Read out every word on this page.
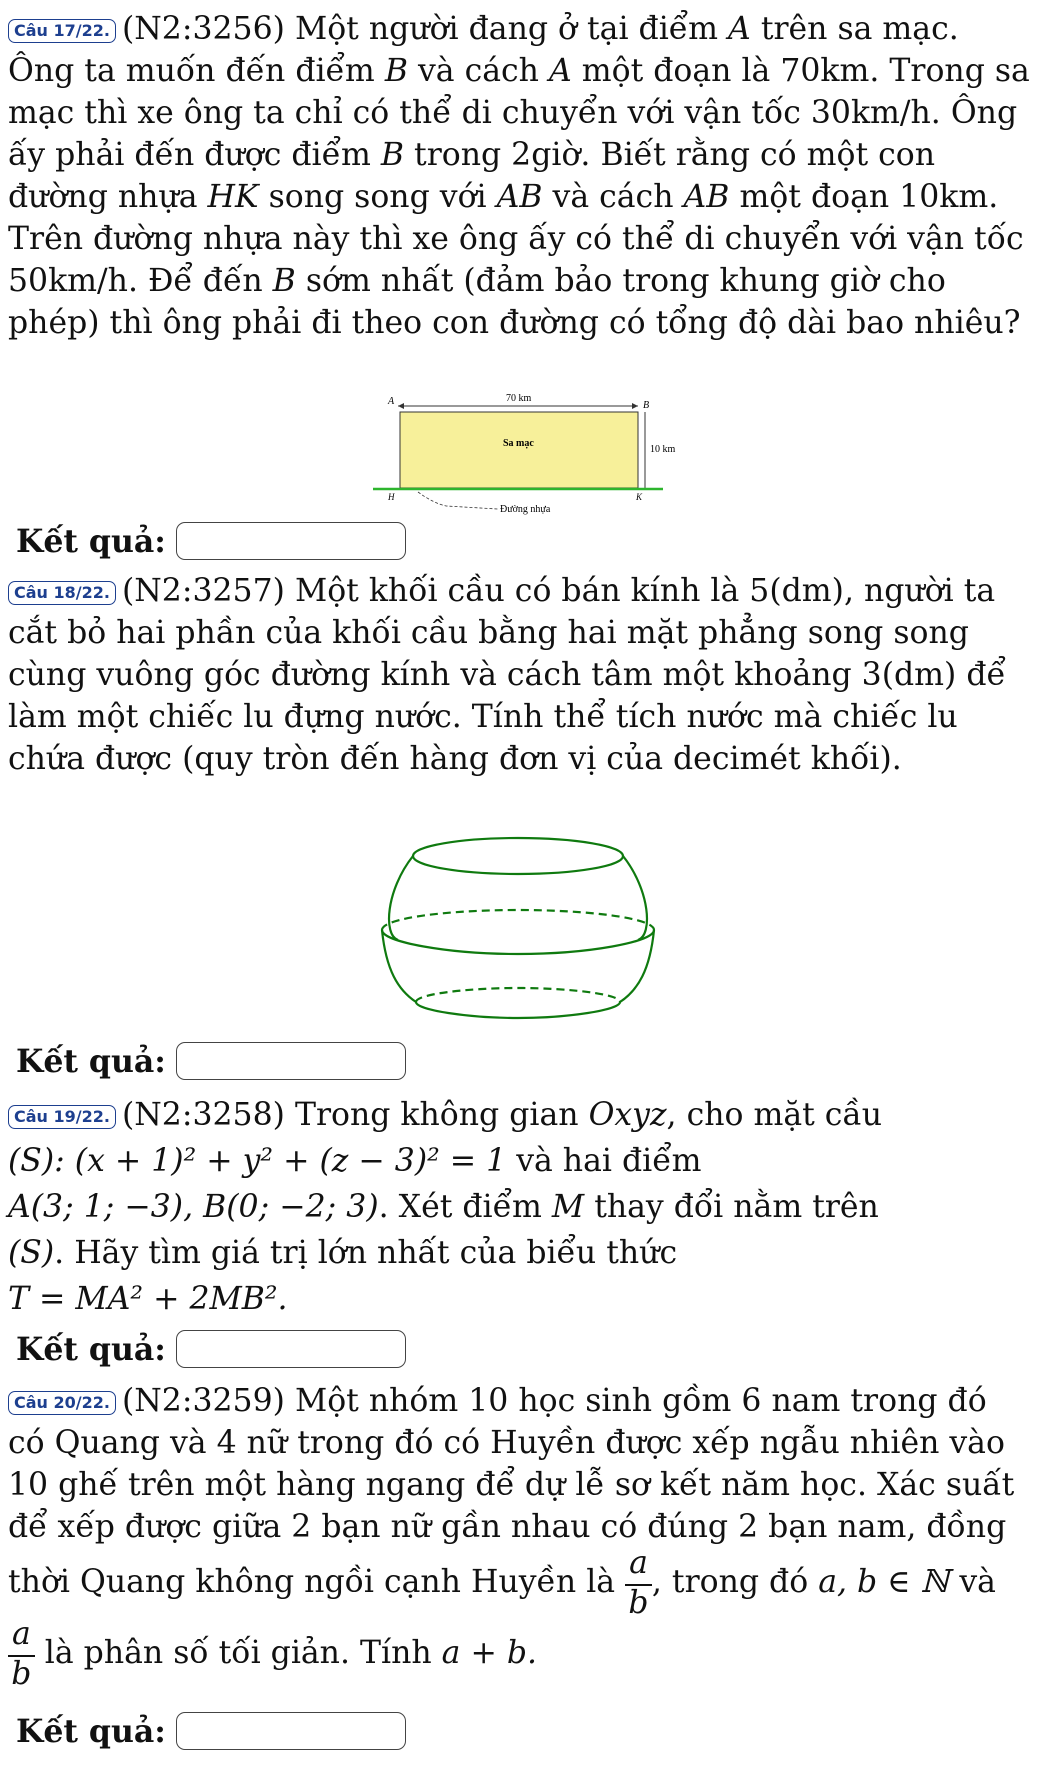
Câu 17/22. (N2:3256) Một người đang ở tại điểm A trên sa mạc. Ông ta muốn đến điểm B và cách A một đoạn là 70km. Trong sa mạc thì xe ông ta chỉ có thể di chuyển với vận tốc 30km/h. Ông ấy phải đến được điểm B trong 2giờ. Biết rằng có một con đường nhựa HK song song với AB và cách AB một đoạn 10km. Trên đường nhựa này thì xe ông ấy có thể di chuyển với vận tốc 50km/h. Để đến B sớm nhất (đảm bảo trong khung giờ cho phép) thì ông phải đi theo con đường có tổng độ dài bao nhiêu?
A	B
70 km
Sa mạc
10 km
H	K
Đường nhựa
Kết quả:
Câu 18/22. (N2:3257) Một khối cầu có bán kính là 5(dm), người ta cắt bỏ hai phần của khối cầu bằng hai mặt phẳng song song cùng vuông góc đường kính và cách tâm một khoảng 3(dm) để làm một chiếc lu đựng nước. Tính thể tích nước mà chiếc lu chứa được (quy tròn đến hàng đơn vị của decimét khối).
Kết quả:
Câu 19/22. (N2:3258) Trong không gian Oxyz, cho mặt cầu
(S): (x + 1)² + y² + (z − 3)² = 1 và hai điểm
A(3; 1; −3), B(0; −2; 3). Xét điểm M thay đổi nằm trên
(S). Hãy tìm giá trị lớn nhất của biểu thức
T = MA² + 2MB².
Kết quả:
Câu 20/22. (N2:3259) Một nhóm 10 học sinh gồm 6 nam trong đó có Quang và 4 nữ trong đó có Huyền được xếp ngẫu nhiên vào 10 ghế trên một hàng ngang để dự lễ sơ kết năm học. Xác suất để xếp được giữa 2 bạn nữ gần nhau có đúng 2 bạn nam, đồng thời Quang không ngồi cạnh Huyền là $\frac{a}{b}$ , trong đó a, b ∈ ℕ và
$\frac{a}{b}$ là phân số tối giản. Tính a + b.
Kết quả:
